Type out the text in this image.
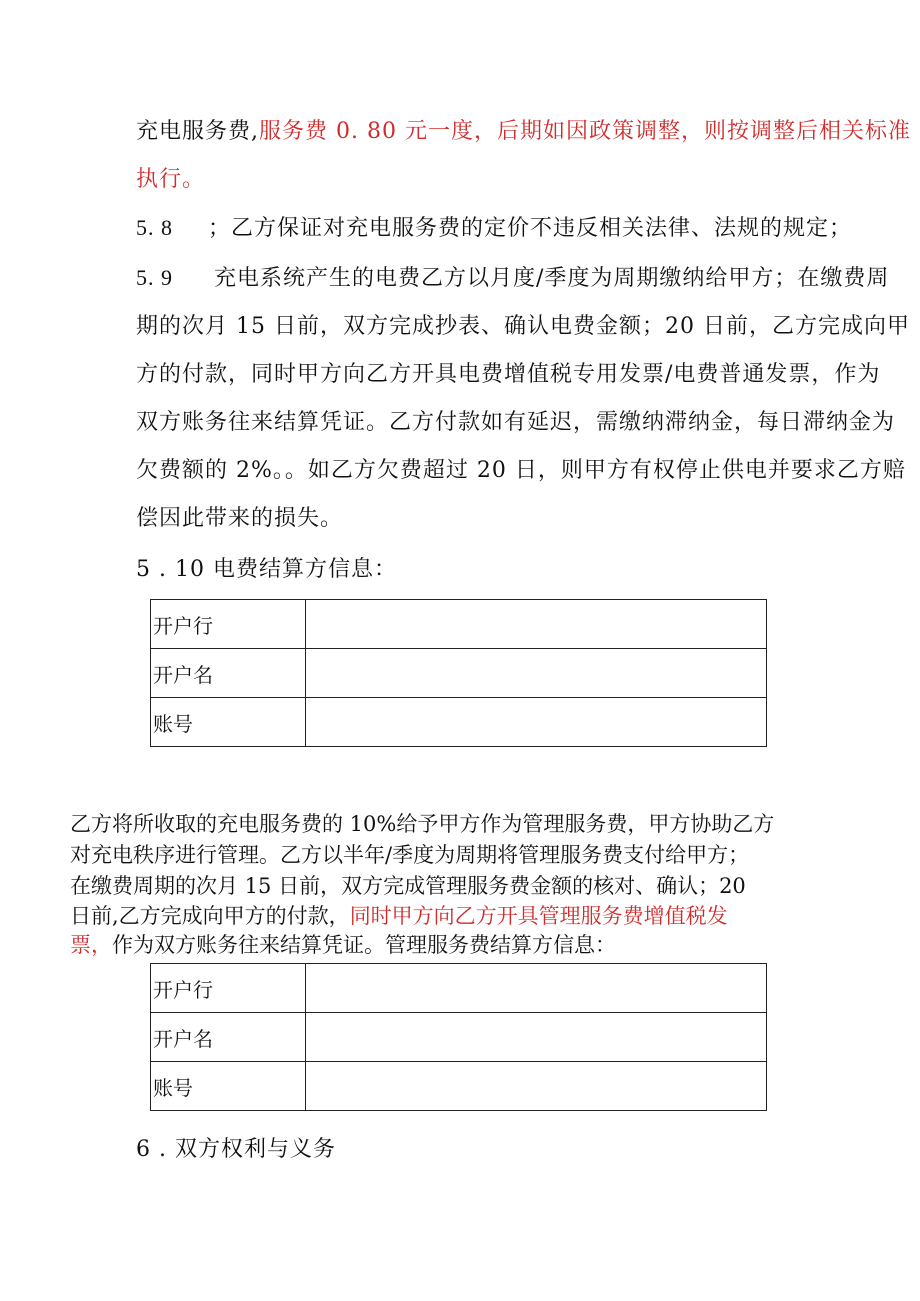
充电服务费,服务费 0. 80 元一度，后期如因政策调整，则按调整后相关标准
执行。
5. 8 ；乙方保证对充电服务费的定价不违反相关法律、法规的规定；
5. 9 充电系统产生的电费乙方以月度/季度为周期缴纳给甲方；在缴费周
期的次月 15 日前，双方完成抄表、确认电费金额；20 日前，乙方完成向甲
方的付款，同时甲方向乙方开具电费增值税专用发票/电费普通发票，作为
双方账务往来结算凭证。乙方付款如有延迟，需缴纳滞纳金，每日滞纳金为
欠费额的 2%。。如乙方欠费超过 20 日，则甲方有权停止供电并要求乙方赔
偿因此带来的损失。
5 . 10 电费结算方信息：
开户行	
开户名	
账号	
乙方将所收取的充电服务费的 10%给予甲方作为管理服务费，甲方协助乙方
对充电秩序进行管理。乙方以半年/季度为周期将管理服务费支付给甲方；
在缴费周期的次月 15 日前，双方完成管理服务费金额的核对、确认；20
日前,乙方完成向甲方的付款，同时甲方向乙方开具管理服务费增值税发
票，作为双方账务往来结算凭证。管理服务费结算方信息：
开户行	
开户名	
账号	
6 . 双方权利与义务
